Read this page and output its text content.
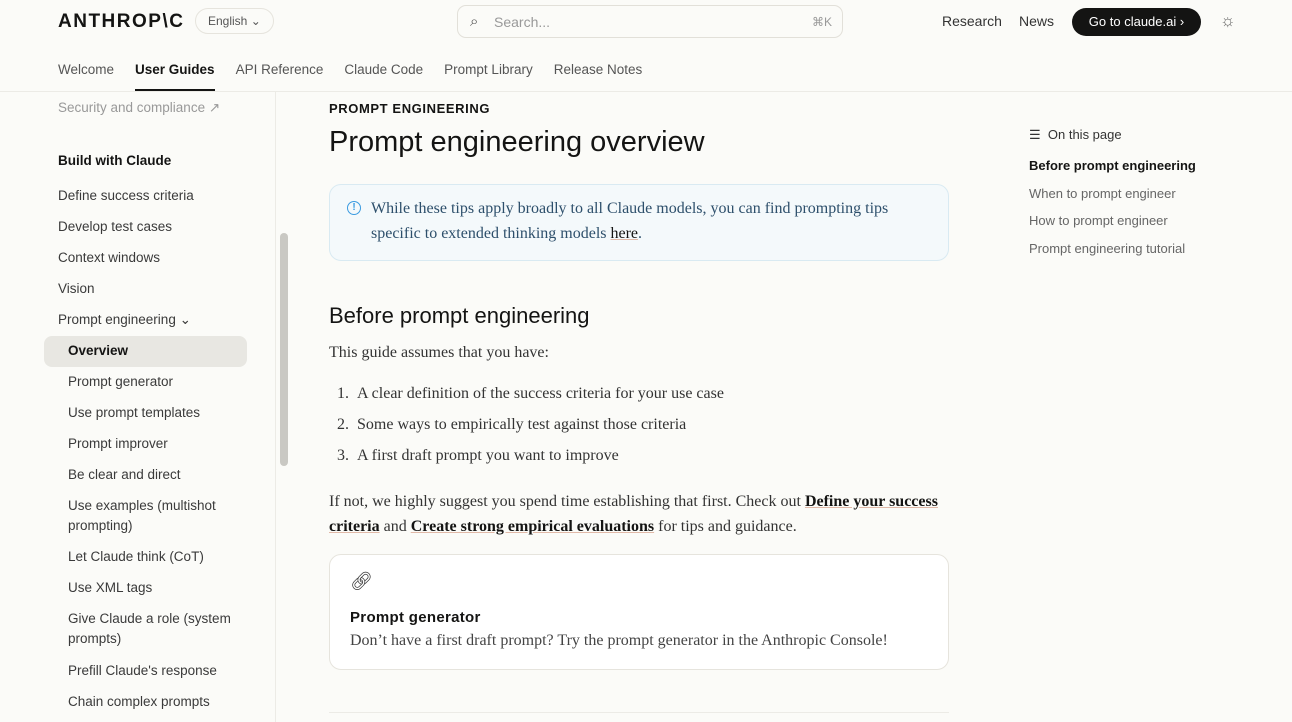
ANTHROP\C	English ⌄	⌕ Search...	⌘K	Research News	Go to claude.ai ›	☼
Welcome User Guides API Reference Claude Code Prompt Library Release Notes
Security and compliance ↗
Build with Claude
Define success criteria
Develop test cases
Context windows
Vision
Prompt engineering ⌄
Overview
Prompt generator
Use prompt templates
Prompt improver
Be clear and direct
Use examples (multishot prompting)
Let Claude think (CoT)
Use XML tags
Give Claude a role (system prompts)
Prefill Claude's response
Chain complex prompts
PROMPT ENGINEERING
Prompt engineering overview
! While these tips apply broadly to all Claude models, you can find prompting tips specific to extended thinking models here.

Before prompt engineering
This guide assumes that you have:
1.  A clear definition of the success criteria for your use case
2.  Some ways to empirically test against those criteria
3.  A first draft prompt you want to improve
If not, we highly suggest you spend time establishing that first. Check out Define your success criteria and Create strong empirical evaluations for tips and guidance.
🔗︎
Prompt generator
Don’t have a first draft prompt? Try the prompt generator in the Anthropic Console!
☰ On this page
Before prompt engineering
When to prompt engineer
How to prompt engineer
Prompt engineering tutorial
